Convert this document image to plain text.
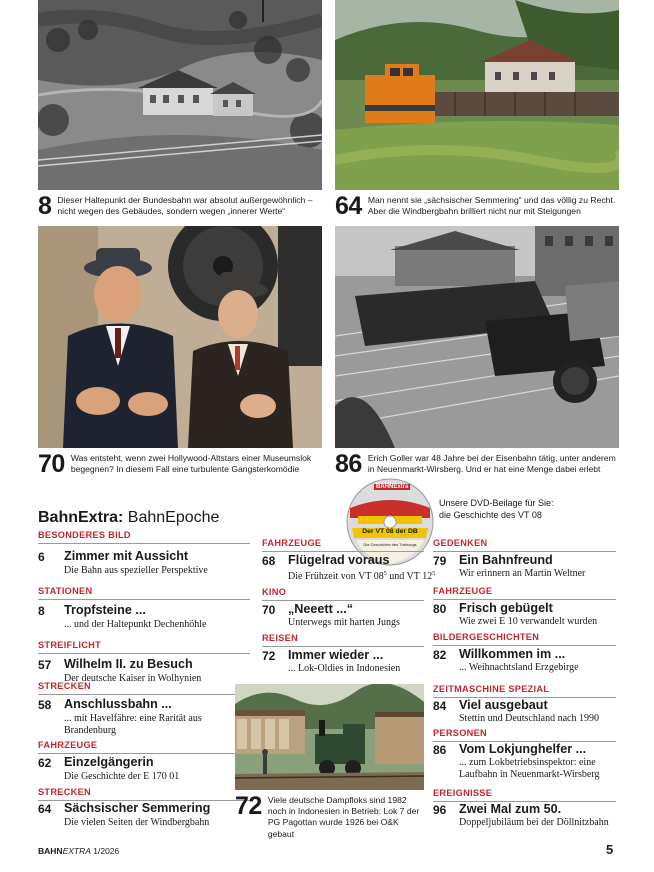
8 Dieser Haltepunkt der Bundesbahn war absolut außergewöhnlich – nicht wegen des Gebäudes, sondern wegen „innerer Werte“	64 Man nennt sie „sächsischer Semmering“ und das völlig zu Recht. Aber die Windbergbahn brilliert nicht nur mit Steigungen
70 Was entsteht, wenn zwei Hollywood-Altstars einer Museumslok begegnen? In diesem Fall eine turbulente Gangsterkomödie	86 Erich Goller war 48 Jahre bei der Eisenbahn tätig, unter anderem in Neuenmarkt-Wirsberg. Und er hat eine Menge dabei erlebt
BahnExtra: BahnEpoche
BAHNExtra
Der VT 08 der DB
Die Geschichte des Triebzugs
Unsere DVD-Beilage für Sie:
die Geschichte des VT 08
BESONDERES BILD
6 Zimmer mit Aussicht
Die Bahn aus spezieller Perspektive
STATIONEN
8 Tropfsteine ...
... und der Haltepunkt Dechenhöhle
STREIFLICHT
57 Wilhelm II. zu Besuch
Der deutsche Kaiser in Wolhynien
STRECKEN
58 Anschlussbahn ...
... mit Havelfähre: eine Rarität aus Brandenburg
FAHRZEUGE
62 Einzelgängerin
Die Geschichte der E 170 01
STRECKEN
64 Sächsischer Semmering
Die vielen Seiten der Windbergbahn
FAHRZEUGE
68 Flügelrad voraus
Die Frühzeit von VT $08^5$ und VT $12^5$
KINO
70 „Neeett ...“
Unterwegs mit harten Jungs
REISEN
72 Immer wieder ...
... Lok-Oldies in Indonesien
72 Viele deutsche Dampfloks sind 1982 noch in Indonesien in Betrieb: Lok 7 der PG Pagottan wurde 1926 bei O&K gebaut
GEDENKEN
79 Ein Bahnfreund
Wir erinnern an Martin Weltner
FAHRZEUGE
80 Frisch gebügelt
Wie zwei E 10 verwandelt wurden
BILDERGESCHICHTEN
82 Willkommen im ...
... Weihnachtsland Erzgebirge
ZEITMASCHINE SPEZIAL
84 Viel ausgebaut
Stettin und Deutschland nach 1990
PERSONEN
86 Vom Lokjunghelfer ...
... zum Lokbetriebsinspektor: eine Laufbahn in Neuenmarkt-Wirsberg
EREIGNISSE
96 Zwei Mal zum 50.
Doppeljubiläum bei der Döllnitzbahn
BAHNEXTRA 1/2026	5
